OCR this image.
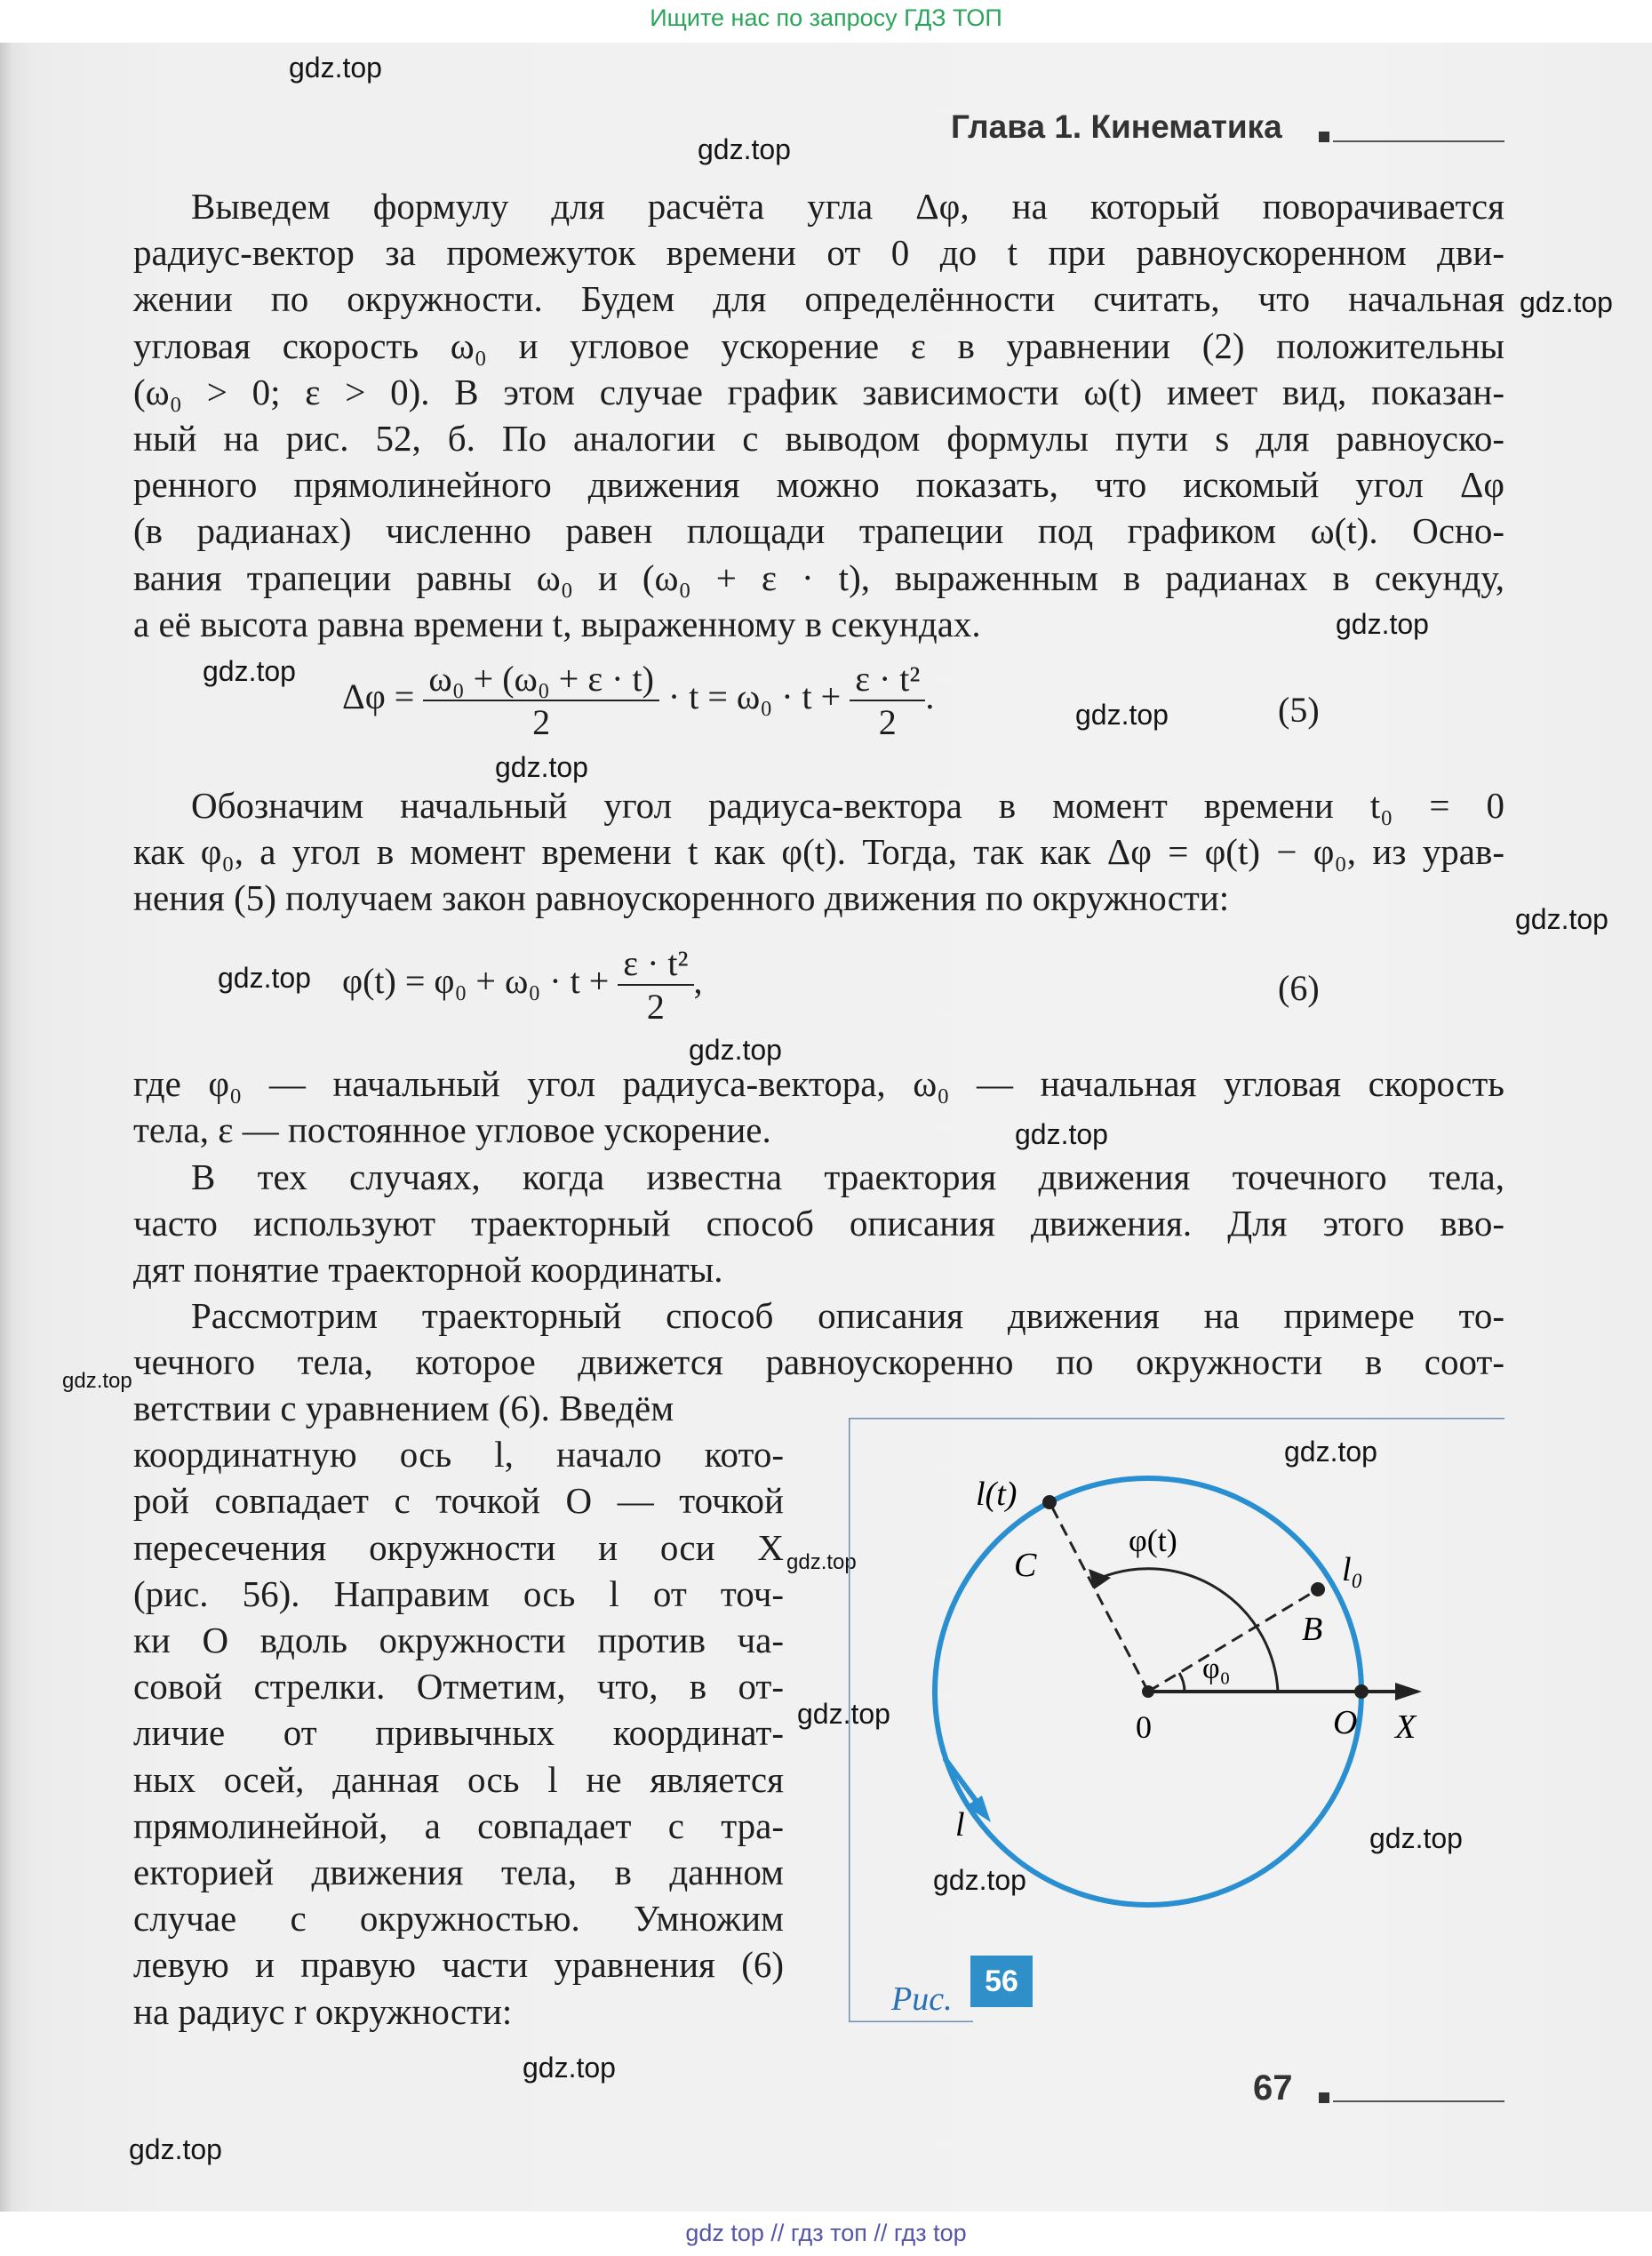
Ищите нас по запросу ГДЗ ТОП
gdz.top
gdz.top
gdz.top
gdz.top
gdz.top
gdz.top
gdz.top
gdz.top
gdz.top
gdz.top
gdz.top
gdz.top
gdz.top
gdz.top
gdz.top
gdz.top
gdz.top
gdz.top
gdz.top
Глава 1. Кинематика
Выведем формулу для расчёта угла Δφ, на который поворачивается
радиус-вектор за промежуток времени от 0 до t при равноускоренном дви-
жении по окружности. Будем для определённости считать, что начальная
угловая скорость ω₀ и угловое ускорение ε в уравнении (2) положительны
(ω₀ > 0; ε > 0). В этом случае график зависимости ω(t) имеет вид, показан-
ный на рис. 52, б. По аналогии с выводом формулы пути s для равноуско-
ренного прямолинейного движения можно показать, что искомый угол Δφ
(в радианах) численно равен площади трапеции под графиком ω(t). Осно-
вания трапеции равны ω₀ и (ω₀ + ε · t), выраженным в радианах в секунду,
а её высота равна времени t, выраженному в секундах.
$\Delta\varphi = \frac{\text{ω₀ + (ω₀ + ε · t)}}{2} \cdot t = \omega_0 \cdot t + \frac{\text{ε · t²}}{2}$ .	(5)
Обозначим начальный угол радиуса-вектора в момент времени t₀ = 0
как φ₀, а угол в момент времени t как φ(t). Тогда, так как Δφ = φ(t) − φ₀, из урав-
нения (5) получаем закон равноускоренного движения по окружности:
$\varphi(t) = \varphi_0 + \omega_0 \cdot t + \frac{\text{ε · t²}}{2}$ ,	(6)
где φ₀ — начальный угол радиуса-вектора, ω₀ — начальная угловая скорость
тела, ε — постоянное угловое ускорение.
В тех случаях, когда известна траектория движения точечного тела,
часто используют траекторный способ описания движения. Для этого вво-
дят понятие траекторной координаты.
Рассмотрим траекторный способ описания движения на примере то-
чечного тела, которое движется равноускоренно по окружности в соот-
ветствии с уравнением (6). Введём
координатную ось l, начало кото-
рой совпадает с точкой O — точкой
пересечения окружности и оси X
(рис. 56). Направим ось l от точ-
ки O вдоль окружности против ча-
совой стрелки. Отметим, что, в от-
личие от привычных координат-
ных осей, данная ось l не является
прямолинейной, а совпадает с тра-
екторией движения тела, в данном
случае с окружностью. Умножим
левую и правую части уравнения (6)
на радиус r окружности:
l(t)
C
φ(t)
l₀
B
φ₀
0	O X
l
Рис.	56
67
gdz top // гдз топ // гдз top
